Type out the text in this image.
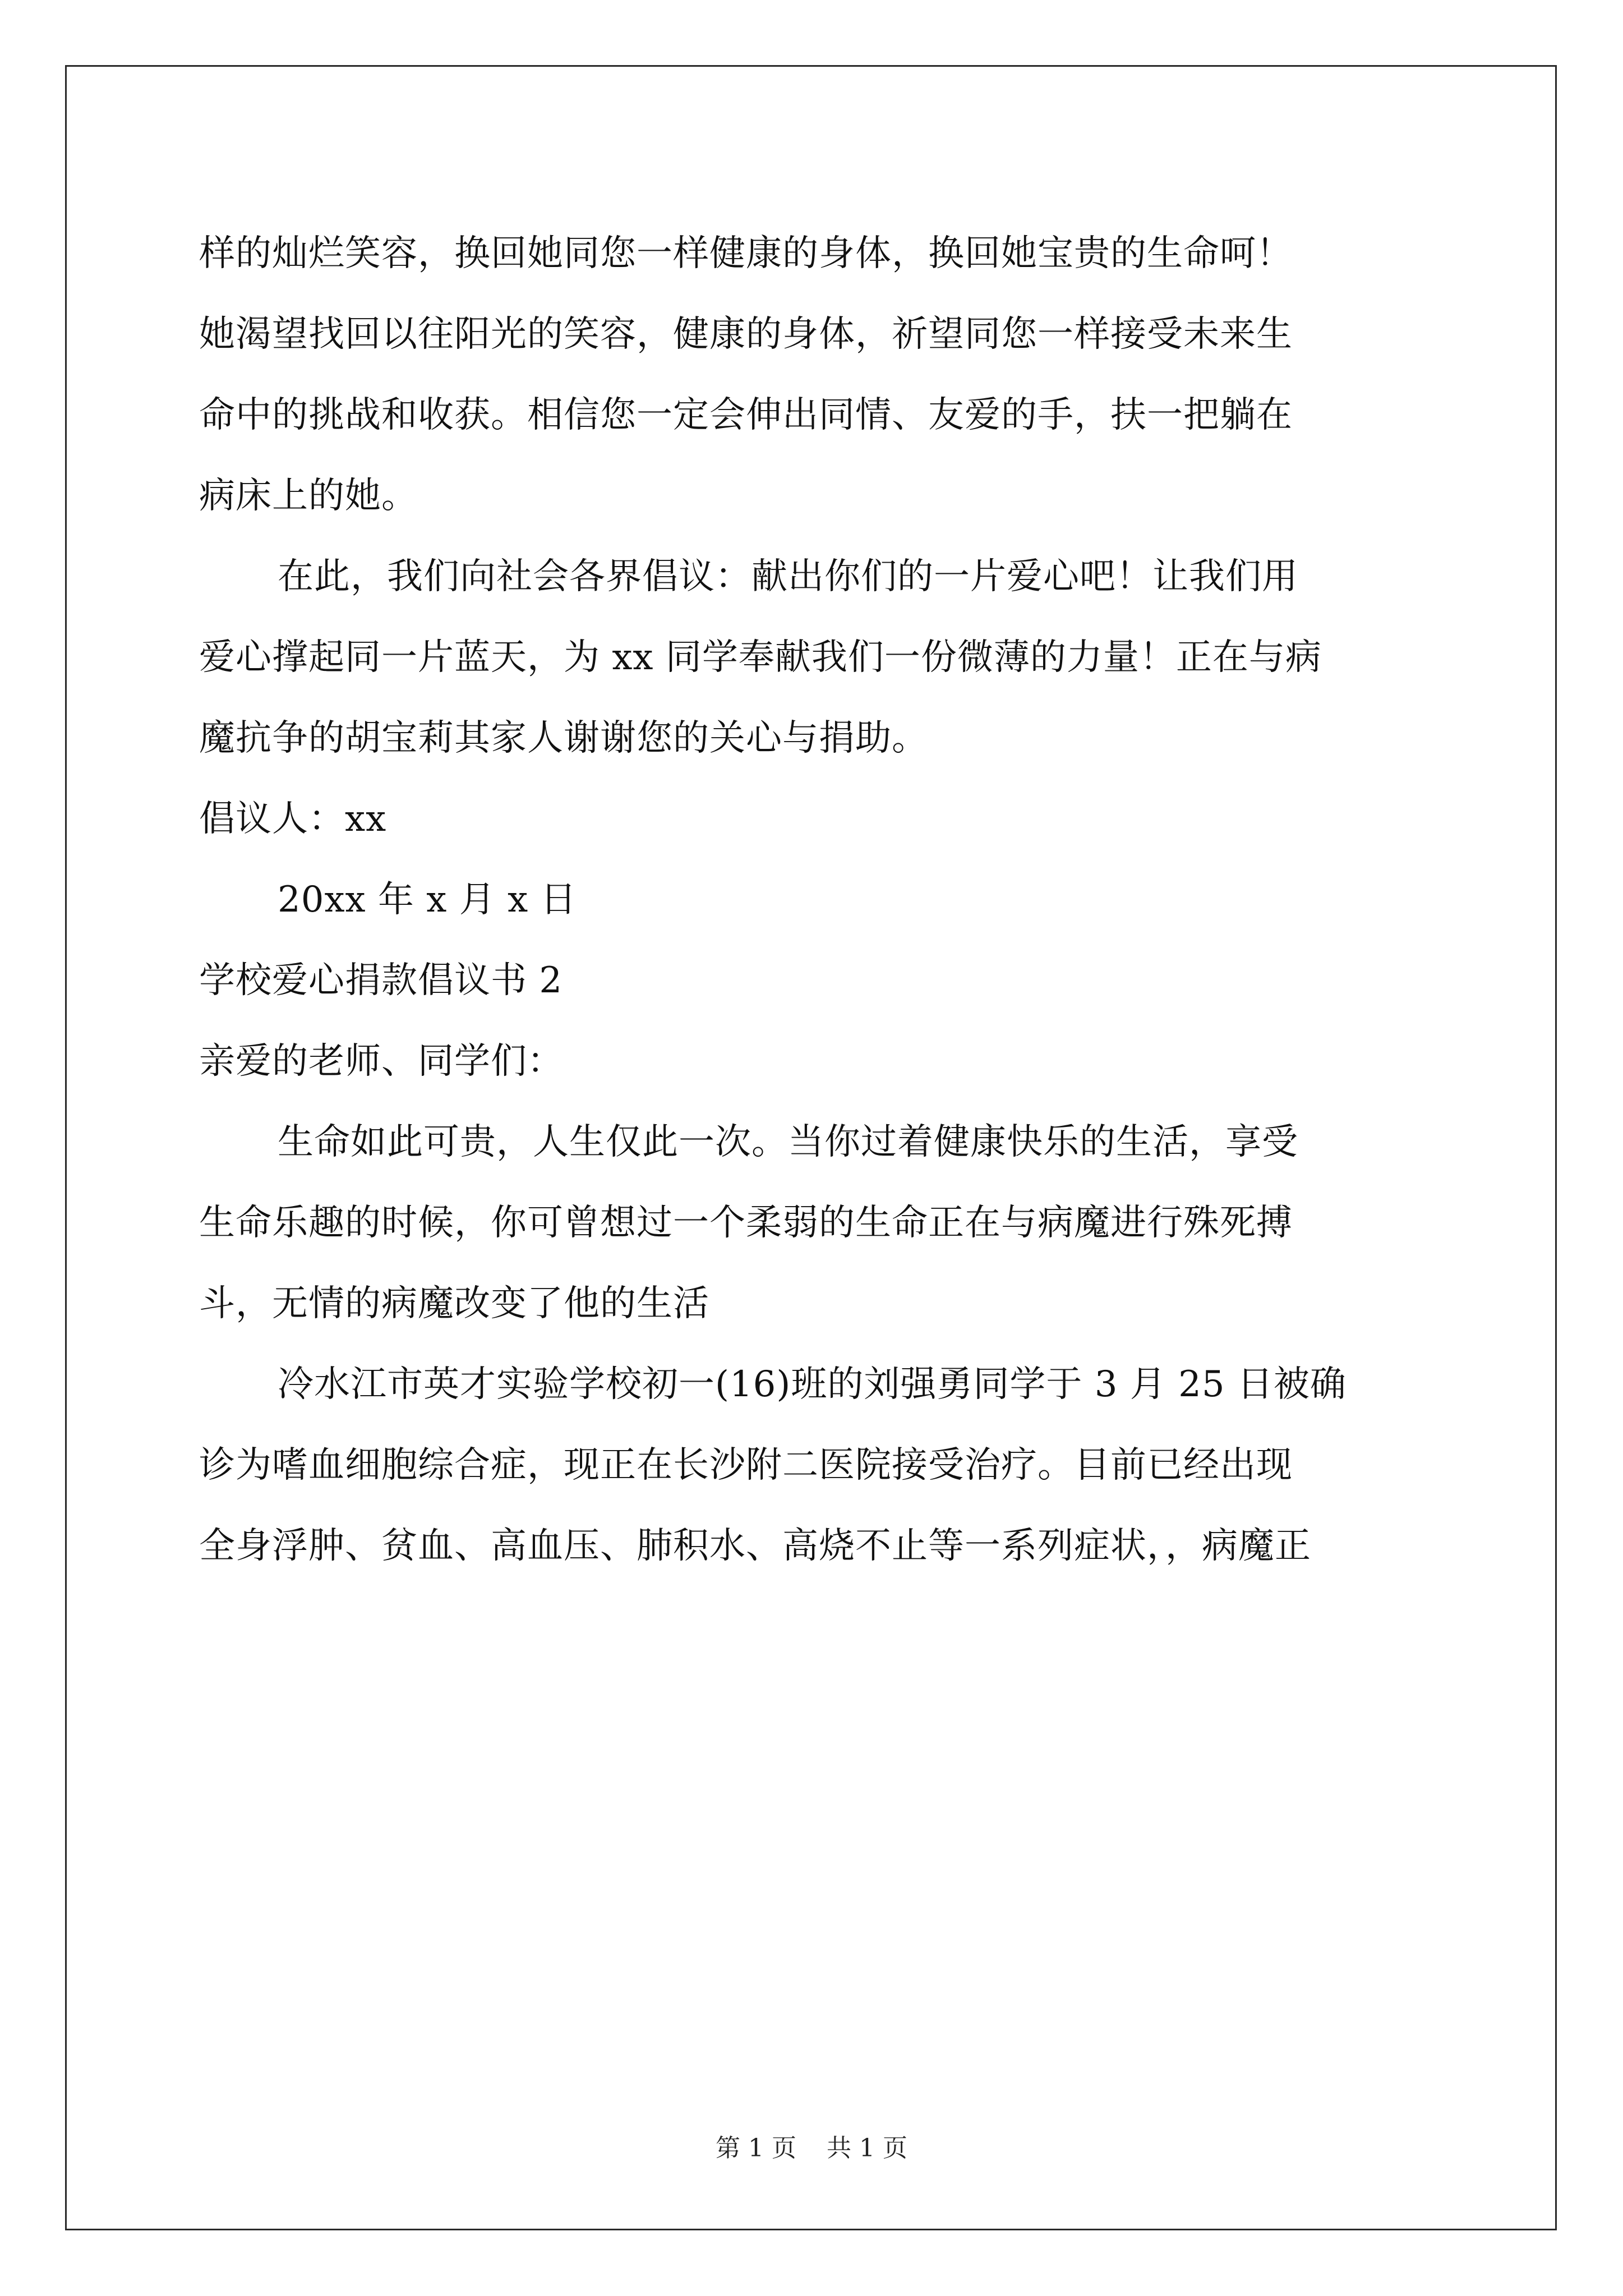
样的灿烂笑容，换回她同您一样健康的身体，换回她宝贵的生命呵！
她渴望找回以往阳光的笑容，健康的身体，祈望同您一样接受未来生
命中的挑战和收获。相信您一定会伸出同情、友爱的手，扶一把躺在
病床上的她。
在此，我们向社会各界倡议：献出你们的一片爱心吧！让我们用
爱心撑起同一片蓝天，为 xx 同学奉献我们一份微薄的力量！正在与病
魔抗争的胡宝莉其家人谢谢您的关心与捐助。
倡议人：xx
20xx 年 x 月 x 日
学校爱心捐款倡议书 2
亲爱的老师、同学们：
生命如此可贵，人生仅此一次。当你过着健康快乐的生活，享受
生命乐趣的时候，你可曾想过一个柔弱的生命正在与病魔进行殊死搏
斗，无情的病魔改变了他的生活
冷水江市英才实验学校初一(16)班的刘强勇同学于 3 月 25 日被确
诊为嗜血细胞综合症，现正在长沙附二医院接受治疗。目前已经出现
全身浮肿、贫血、高血压、肺积水、高烧不止等一系列症状，，病魔正
第 1 页 共 1 页
